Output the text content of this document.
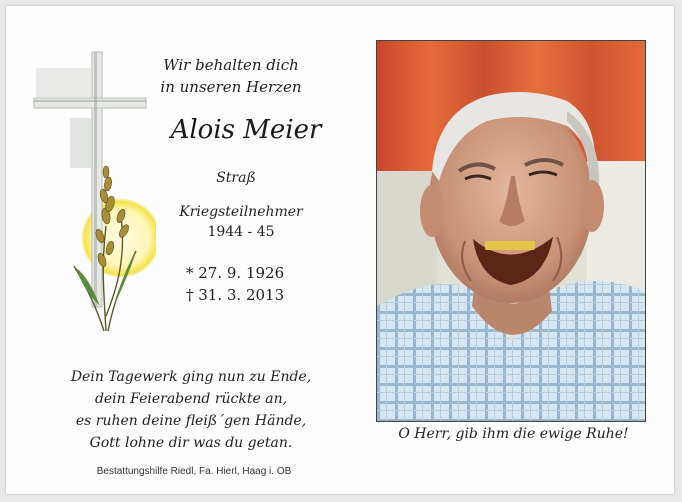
Wir behalten dich
in unseren Herzen
Alois Meier
Straß
Kriegsteilnehmer
1944 - 45
* 27. 9. 1926
† 31. 3. 2013
Dein Tagewerk ging nun zu Ende,
dein Feierabend rückte an,
es ruhen deine fleiß´gen Hände,
Gott lohne dir was du getan.
Bestattungshilfe Riedl, Fa. Hierl, Haag i. OB
O Herr, gib ihm die ewige Ruhe!
